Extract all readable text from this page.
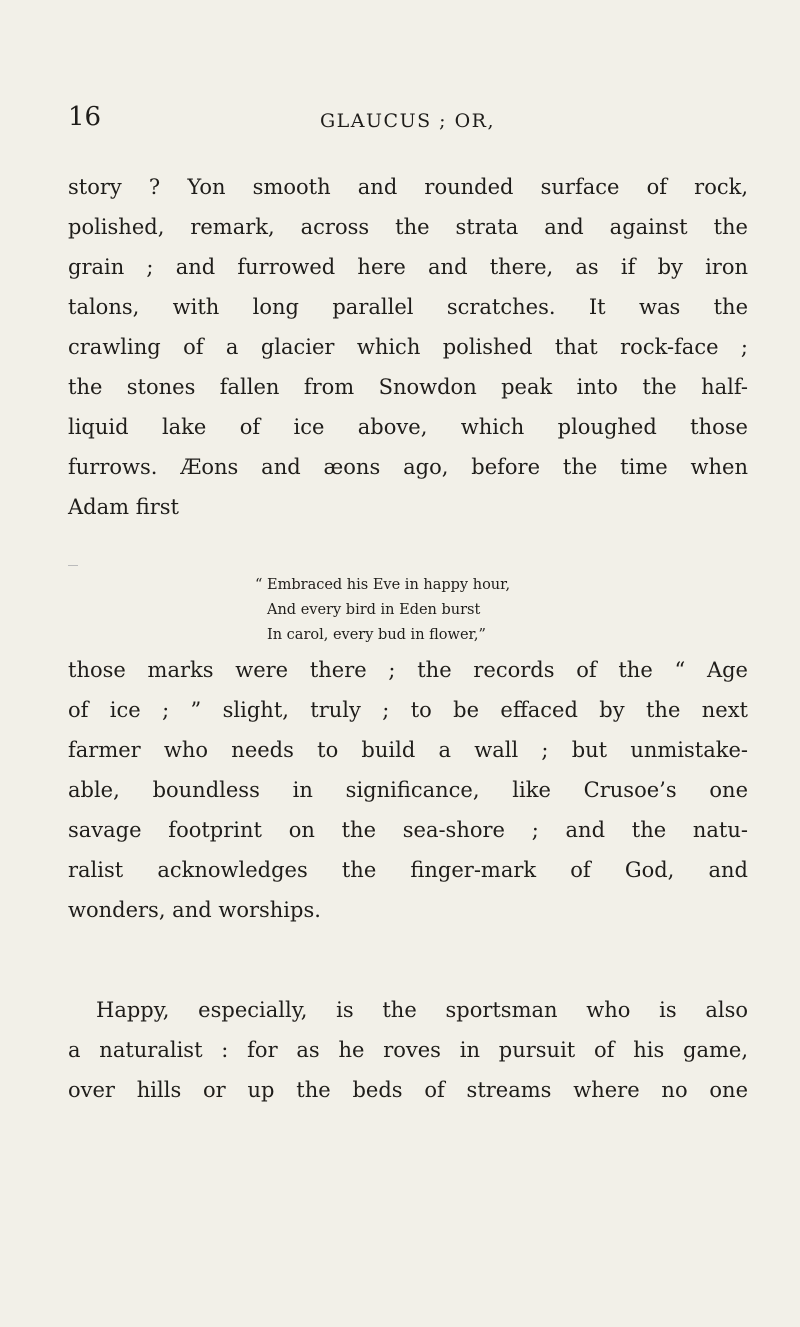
16	GLAUCUS ; OR,
story ? Yon smooth and rounded surface of rock,
polished, remark, across the strata and against the
grain ; and furrowed here and there, as if by iron
talons, with long parallel scratches. It was the
crawling of a glacier which polished that rock-face ;
the stones fallen from Snowdon peak into the half-
liquid lake of ice above, which ploughed those
furrows. Æons and æons ago, before the time when
Adam first
“ Embraced his Eve in happy hour,
And every bird in Eden burst
In carol, every bud in flower,”
those marks were there ; the records of the “ Age
of ice ; ” slight, truly ; to be effaced by the next
farmer who needs to build a wall ; but unmistake-
able, boundless in significance, like Crusoe’s one
savage footprint on the sea-shore ; and the natu-
ralist acknowledges the finger-mark of God, and
wonders, and worships.
Happy, especially, is the sportsman who is also
a naturalist : for as he roves in pursuit of his game,
over hills or up the beds of streams where no one
